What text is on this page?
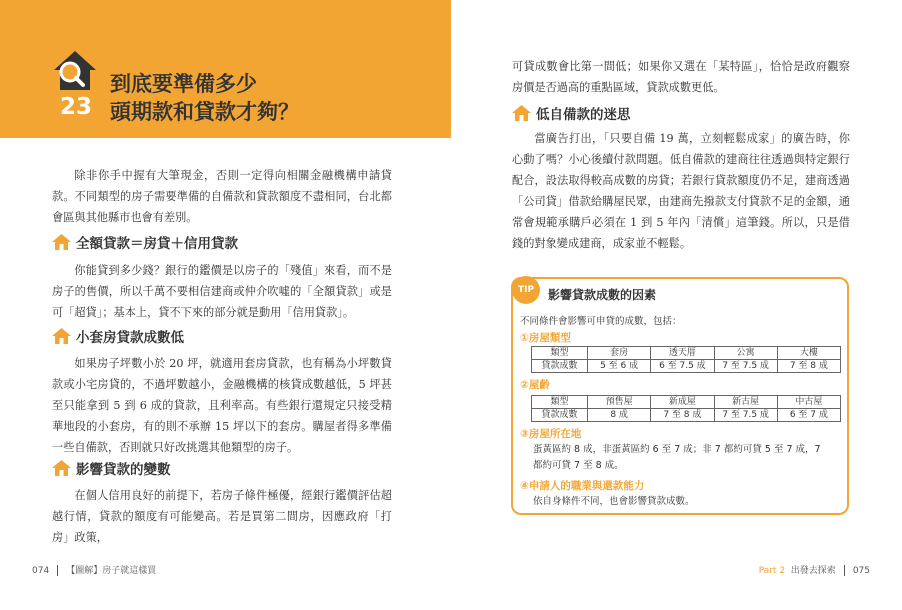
23
到底要準備多少
頭期款和貸款才夠？

除非你手中握有大筆現金，否則一定得向相關金融機構申請貸款。不同類型的房子需要準備的自備款和貸款額度不盡相同，台北都會區與其他縣市也會有差別。

全額貸款＝房貸＋信用貸款

你能貸到多少錢？銀行的鑑價是以房子的「殘值」來看，而不是房子的售價，所以千萬不要相信建商或仲介吹噓的「全額貸款」或是可「超貸」；基本上，貸不下來的部分就是動用「信用貸款」。

小套房貸款成數低

如果房子坪數小於 20 坪，就適用套房貸款，也有稱為小坪數貸款或小宅房貸的，不過坪數越小，金融機構的核貸成數越低，5 坪甚至只能拿到 5 到 6 成的貸款，且利率高。有些銀行還規定只接受精華地段的小套房，有的則不承辦 15 坪以下的套房。購屋者得多準備一些自備款，否則就只好改挑選其他類型的房子。

影響貸款的變數

在個人信用良好的前提下，若房子條件極優，經銀行鑑價評估超越行情，貸款的額度有可能變高。若是買第二間房，因應政府「打房」政策，

可貸成數會比第一間低；如果你又選在「某特區」，恰恰是政府觀察房價是否過高的重點區域，貸款成數更低。

低自備款的迷思

當廣告打出，「只要自備 19 萬，立刻輕鬆成家」的廣告時，你心動了嗎？小心後續付款問題。低自備款的建商往往透過與特定銀行配合，設法取得較高成數的房貸；若銀行貸款額度仍不足，建商透過「公司貸」借款給購屋民眾，由建商先撥款支付貸款不足的金額，通常會規範承購戶必須在 1 到 5 年內「清償」這筆錢。所以，只是借錢的對象變成建商，成家並不輕鬆。

TIP	影響貸款成數的因素
不同條件會影響可申貸的成數，包括：
①房屋類型
類型	套房	透天厝	公寓	大樓
貸款成數	5 至 6 成	6 至 7.5 成	7 至 7.5 成	7 至 8 成
②屋齡
類型	預售屋	新成屋	新古屋	中古屋
貸款成數	8 成	7 至 8 成	7 至 7.5 成	6 至 7 成
③房屋所在地

蛋黃區約 8 成，非蛋黃區約 6 至 7 成；非 7 都約可貸 5 至 7 成，7 都約可貸 7 至 8 成。

④申請人的職業與還款能力

依自身條件不同，也會影響貸款成數。

074 【圖解】房子就這樣買	Part 2 出發去探索 075
